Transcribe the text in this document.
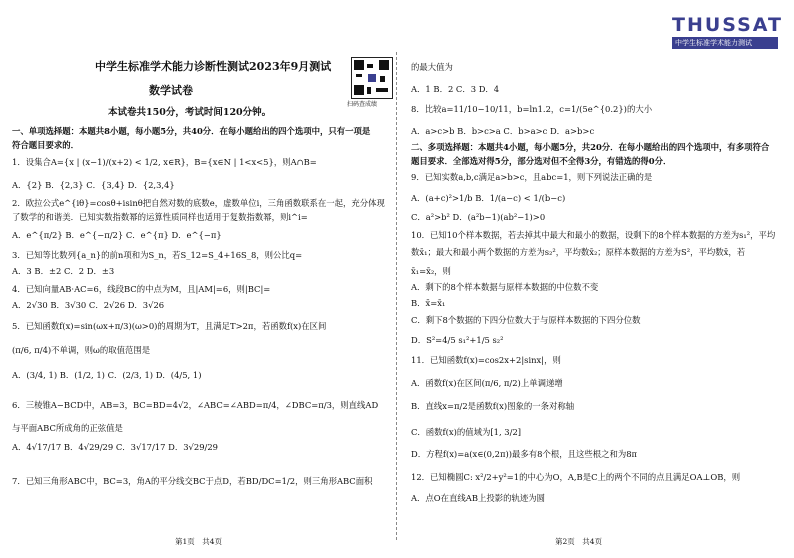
中学生标准学术能力诊断性测试2023年9月测试
数学试卷
扫码查成绩
本试卷共150分，考试时间120分钟。
一、单项选择题：本题共8小题，每小题5分，共40分．在每小题给出的四个选项中，只有一项是
符合题目要求的．
1．设集合A={x | (x−1)/(x+2) < 1/2, x∈R}，B={x∈N | 1<x<5}，则A∩B=
A．{2} B．{2,3} C．{3,4} D．{2,3,4}
2．欧拉公式e^{iθ}=cosθ+isinθ把自然对数的底数e，虚数单位i，三角函数联系在一起，充分体现
了数学的和谐美．已知实数指数幂的运算性质同样也适用于复数指数幂，则i^i=
A．e^{π/2} B．e^{−π/2} C．e^{π} D．e^{−π}
3．已知等比数列{a_n}的前n项和为S_n，若S_12=S_4+16S_8，则公比q=
A．3 B．±2 C．2 D．±3
4．已知向量AB·AC=6，线段BC的中点为M，且|AM|=6，则|BC|=
A．2√30 B．3√30 C．2√26 D．3√26
5．已知函数f(x)=sin(ωx+π/3)(ω>0)的周期为T，且满足T>2π，若函数f(x)在区间
(π/6, π/4)不单调，则ω的取值范围是
A．(3/4, 1) B．(1/2, 1) C．(2/3, 1) D．(4/5, 1)
6．三棱锥A−BCD中，AB=3，BC=BD=4√2，∠ABC=∠ABD=π/4，∠DBC=π/3，则直线AD
与平面ABC所成角的正弦值是
A．4√17/17 B．4√29/29 C．3√17/17 D．3√29/29
7．已知三角形ABC中，BC=3，角A的平分线交BC于点D，若BD/DC=1/2，则三角形ABC面积
第1页　共4页
的最大值为
A．1 B．2 C．3 D．4
8．比较a=11/10−10/11，b=ln1.2，c=1/(5e^{0.2})的大小
A．a>c>b B．b>c>a C．b>a>c D．a>b>c
二、多项选择题：本题共4小题，每小题5分，共20分．在每小题给出的四个选项中，有多项符合
题目要求．全部选对得5分，部分选对但不全得3分，有错选的得0分．
9．已知实数a,b,c满足a>b>c，且abc=1，则下列说法正确的是
A．(a+c)²>1/b B．1/(a−c) < 1/(b−c)
C．a²>b² D．(a²b−1)(ab²−1)>0
10．已知10个样本数据，若去掉其中最大和最小的数据，设剩下的8个样本数据的方差为s₁²，平均
数x̄₁；最大和最小两个数据的方差为s₂²，平均数x̄₂；原样本数据的方差为S²，平均数x̄，若
x̄₁=x̄₂，则
A．剩下的8个样本数据与原样本数据的中位数不变
B．x̄=x̄₁
C．剩下8个数据的下四分位数大于与原样本数据的下四分位数
D．S²=4/5 s₁²+1/5 s₂²
11．已知函数f(x)=cos2x+2|sinx|，则
A．函数f(x)在区间(π/6, π/2)上单调递增
B．直线x=π/2是函数f(x)图象的一条对称轴
C．函数f(x)的值域为[1, 3/2]
D．方程f(x)=a(x∈(0,2π))最多有8个根，且这些根之和为8π
12．已知椭圆C: x²/2+y²=1的中心为O，A,B是C上的两个不同的点且满足OA⊥OB，则
A．点O在直线AB上投影的轨迹为圆
第2页　共4页
THUSSAT
中学生标准学术能力测试
